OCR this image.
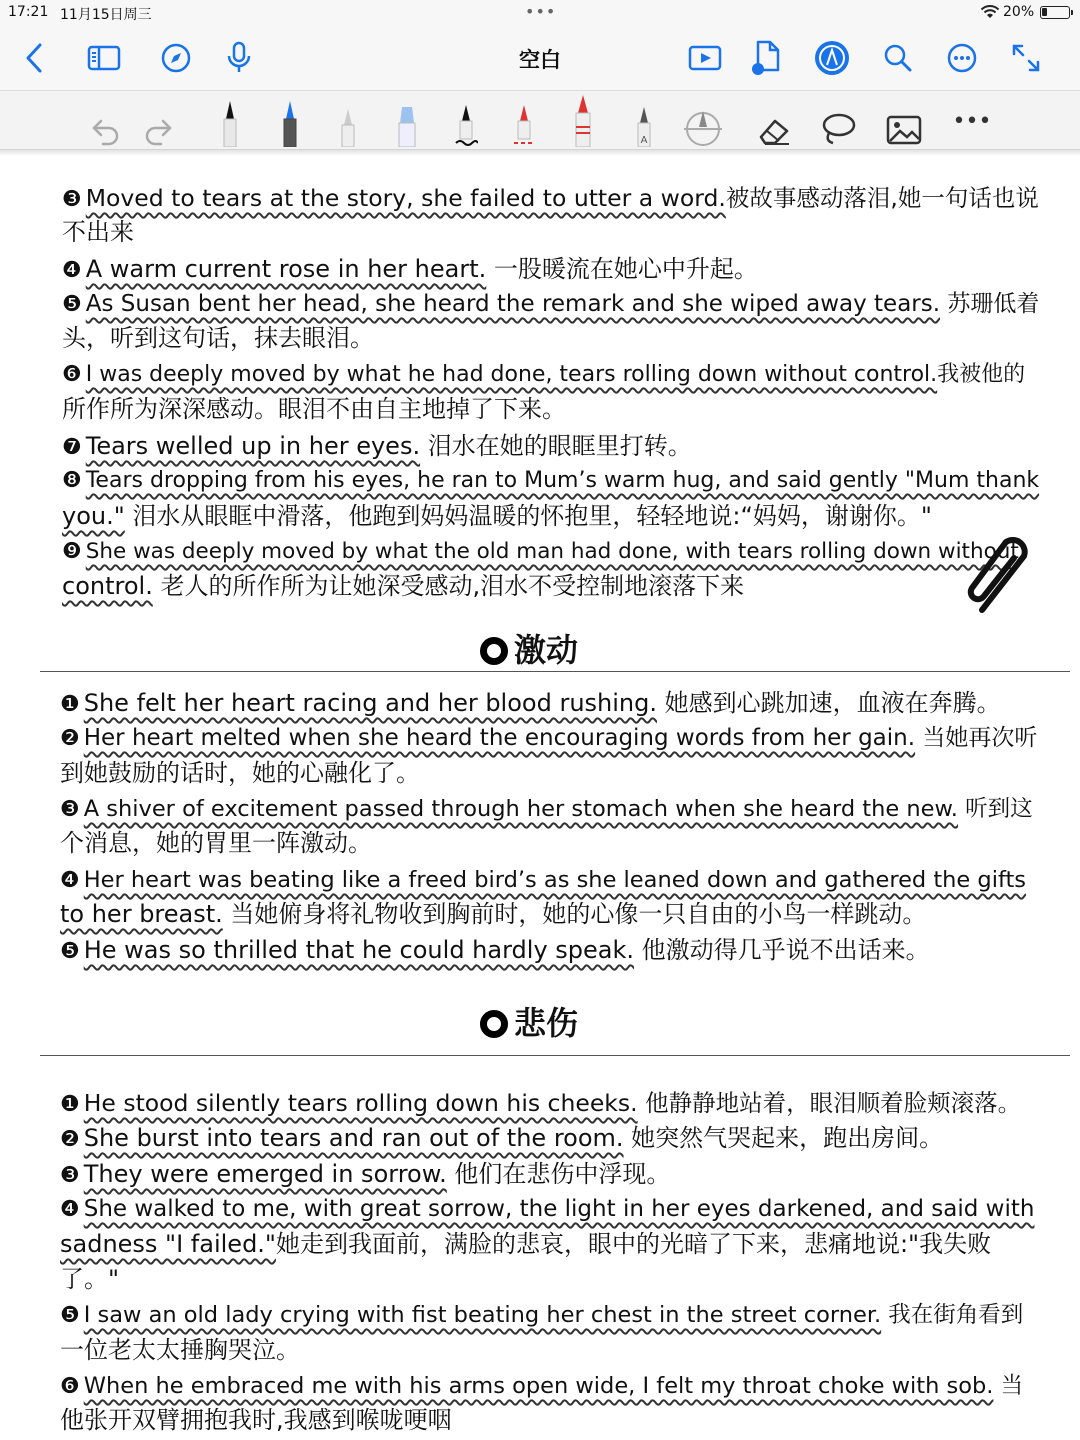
17:21 11月15日周三	•••	20%
空白
A
•••
❸ Moved to tears at the story, she failed to utter a word.被故事感动落泪,她一句话也说
不出来
❹ A warm current rose in her heart. 一股暖流在她心中升起。
❺ As Susan bent her head, she heard the remark and she wiped away tears. 苏珊低着
头，听到这句话，抹去眼泪。
❻ I was deeply moved by what he had done, tears rolling down without control.我被他的
所作所为深深感动。眼泪不由自主地掉了下来。
❼ Tears welled up in her eyes. 泪水在她的眼眶里打转。
❽ Tears dropping from his eyes, he ran to Mum’s warm hug, and said gently "Mum thank
you." 泪水从眼眶中滑落，他跑到妈妈温暖的怀抱里，轻轻地说:“妈妈，谢谢你。"
❾ She was deeply moved by what the old man had done, with tears rolling down without
control. 老人的所作所为让她深受感动,泪水不受控制地滚落下来
激动
❶ She felt her heart racing and her blood rushing. 她感到心跳加速，血液在奔腾。
❷ Her heart melted when she heard the encouraging words from her gain. 当她再次听
到她鼓励的话时，她的心融化了。
❸ A shiver of excitement passed through her stomach when she heard the new. 听到这
个消息，她的胃里一阵激动。
❹ Her heart was beating like a freed bird’s as she leaned down and gathered the gifts
to her breast. 当她俯身将礼物收到胸前时，她的心像一只自由的小鸟一样跳动。
❺ He was so thrilled that he could hardly speak. 他激动得几乎说不出话来。
悲伤
❶ He stood silently tears rolling down his cheeks. 他静静地站着，眼泪顺着脸颊滚落。
❷ She burst into tears and ran out of the room. 她突然气哭起来，跑出房间。
❸ They were emerged in sorrow. 他们在悲伤中浮现。
❹ She walked to me, with great sorrow, the light in her eyes darkened, and said with
sadness "I failed."她走到我面前，满脸的悲哀，眼中的光暗了下来，悲痛地说:"我失败
了。"
❺ I saw an old lady crying with fist beating her chest in the street corner. 我在街角看到
一位老太太捶胸哭泣。
❻ When he embraced me with his arms open wide, I felt my throat choke with sob. 当
他张开双臂拥抱我时,我感到喉咙哽咽
